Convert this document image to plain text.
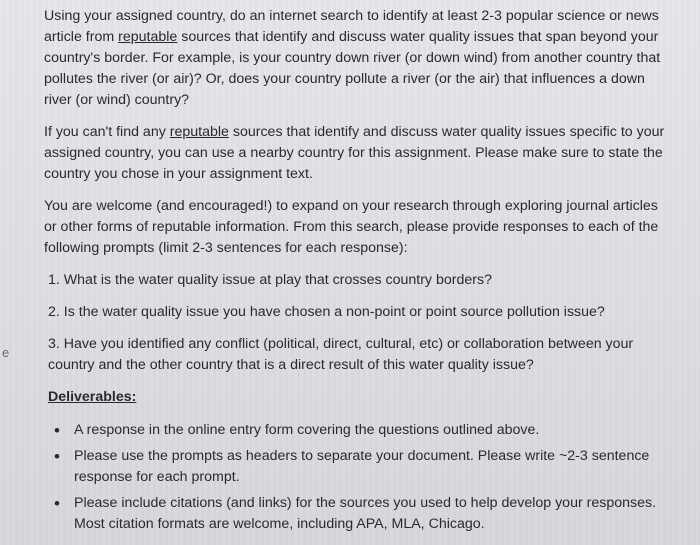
e

Using your assigned country, do an internet search to identify at least 2-3 popular science or news article from reputable sources that identify and discuss water quality issues that span beyond your country's border. For example, is your country down river (or down wind) from another country that pollutes the river (or air)? Or, does your country pollute a river (or the air) that influences a down river (or wind) country?

If you can't find any reputable sources that identify and discuss water quality issues specific to your assigned country, you can use a nearby country for this assignment. Please make sure to state the country you chose in your assignment text.

You are welcome (and encouraged!) to expand on your research through exploring journal articles or other forms of reputable information. From this search, please provide responses to each of the following prompts (limit 2-3 sentences for each response):

1. What is the water quality issue at play that crosses country borders?
2. Is the water quality issue you have chosen a non-point or point source pollution issue?
3. Have you identified any conflict (political, direct, cultural, etc) or collaboration between your country and the other country that is a direct result of this water quality issue?
Deliverables:
• A response in the online entry form covering the questions outlined above.
• Please use the prompts as headers to separate your document. Please write ~2-3 sentence response for each prompt.
• Please include citations (and links) for the sources you used to help develop your responses. Most citation formats are welcome, including APA, MLA, Chicago.
